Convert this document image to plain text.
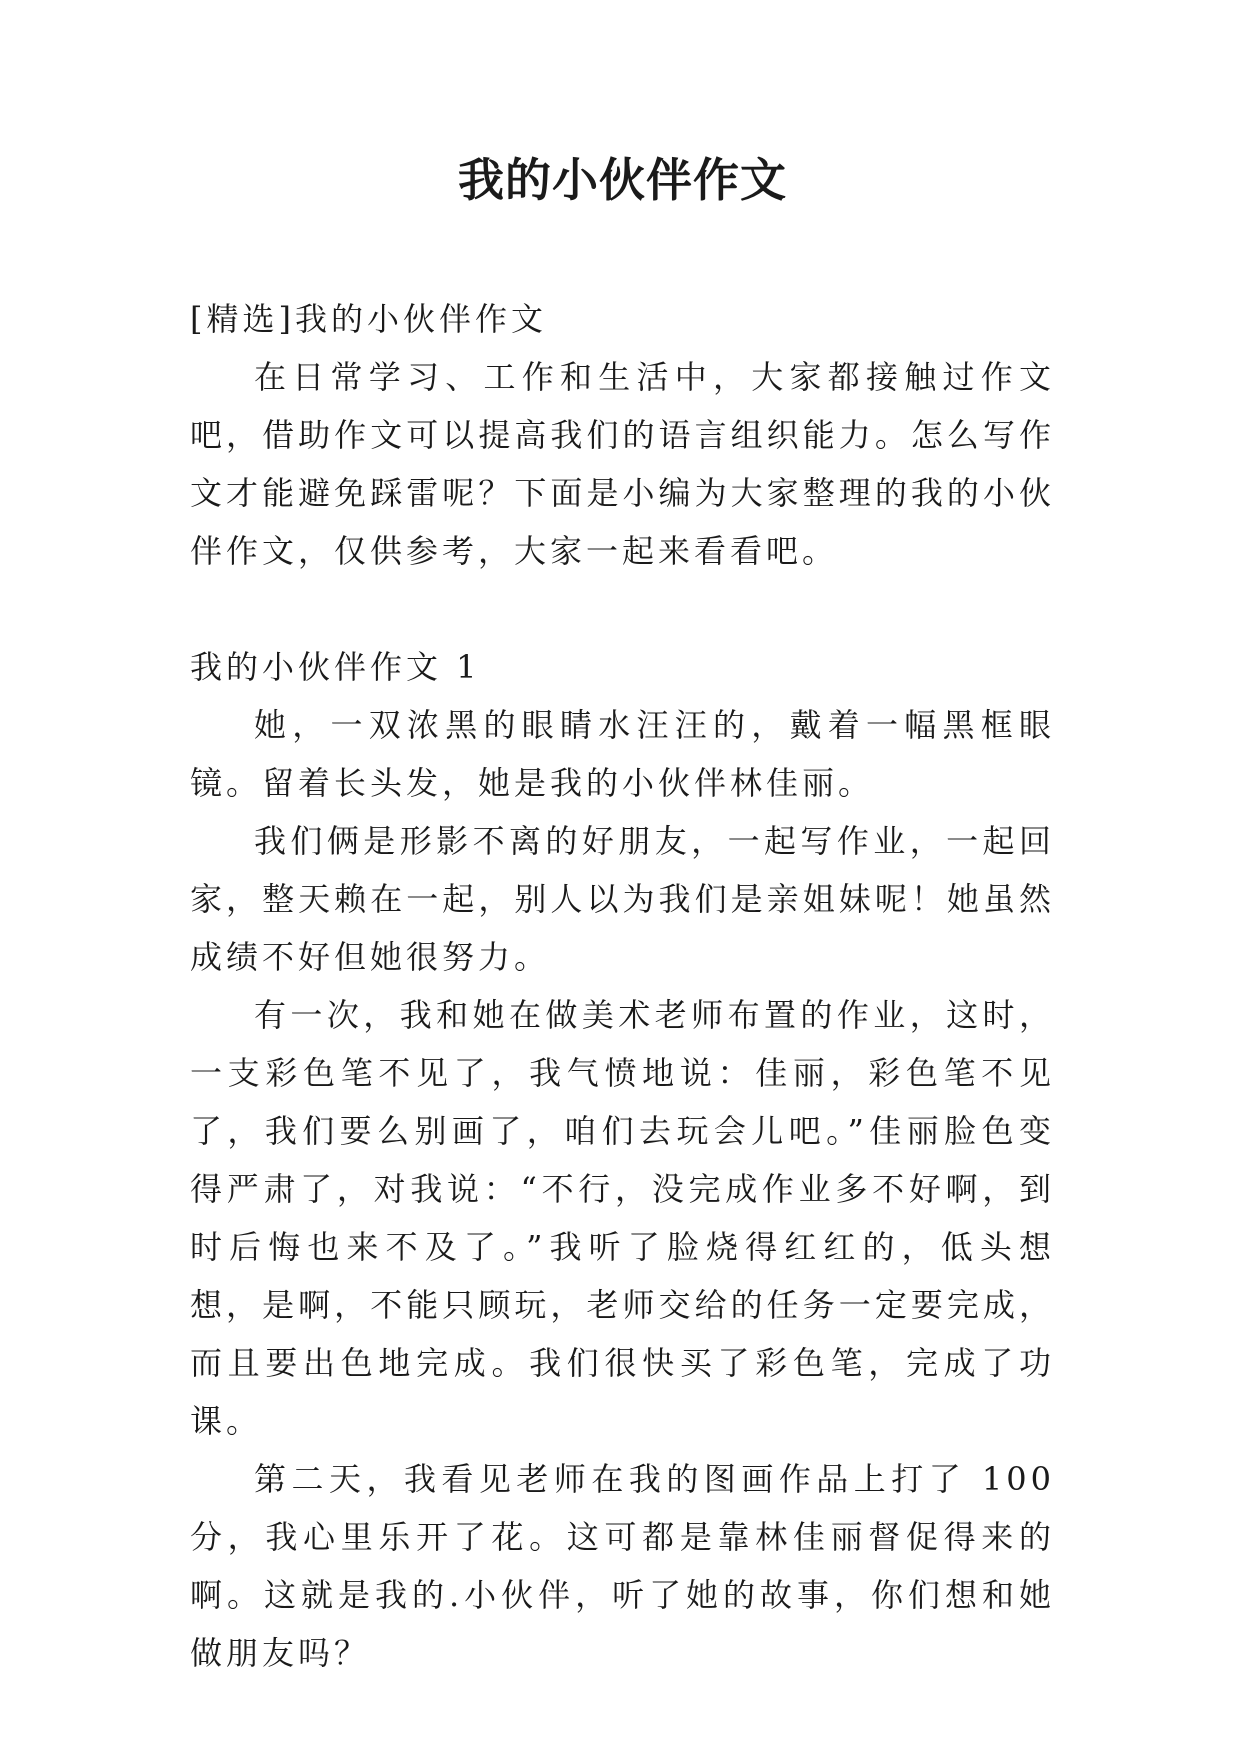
我的小伙伴作文

[精选]我的小伙伴作文

在日常学习、工作和生活中，大家都接触过作文吧，借助作文可以提高我们的语言组织能力。怎么写作文才能避免踩雷呢？下面是小编为大家整理的我的小伙伴作文，仅供参考，大家一起来看看吧。

我的小伙伴作文 1

她，一双浓黑的眼睛水汪汪的，戴着一幅黑框眼镜。留着长头发，她是我的小伙伴林佳丽。

我们俩是形影不离的好朋友，一起写作业，一起回家，整天赖在一起，别人以为我们是亲姐妹呢！她虽然成绩不好但她很努力。

有一次，我和她在做美术老师布置的作业，这时，一支彩色笔不见了，我气愤地说：佳丽，彩色笔不见了，我们要么别画了，咱们去玩会儿吧。”佳丽脸色变得严肃了，对我说：“不行，没完成作业多不好啊，到时后悔也来不及了。”我听了脸烧得红红的，低头想想，是啊，不能只顾玩，老师交给的任务一定要完成，而且要出色地完成。我们很快买了彩色笔，完成了功课。

第二天，我看见老师在我的图画作品上打了 100 分，我心里乐开了花。这可都是靠林佳丽督促得来的啊。这就是我的.小伙伴，听了她的故事，你们想和她做朋友吗？
